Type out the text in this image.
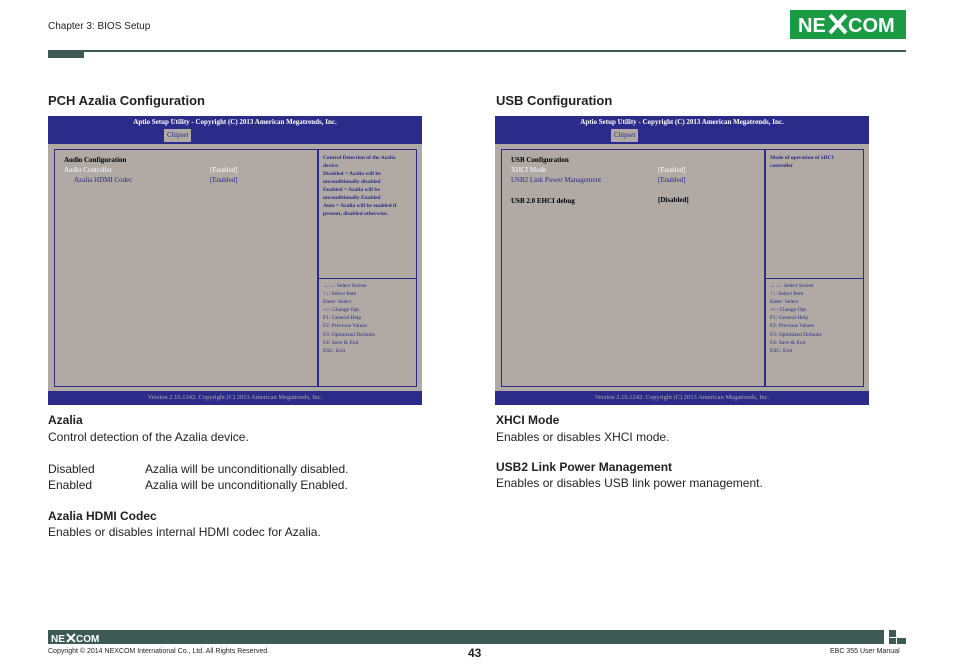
Chapter 3: BIOS Setup	NE COM
PCH Azalia Configuration
Aptio Setup Utility - Copyright (C) 2013 American Megatrends, Inc.
Chipset
Audio Configuration
Audio Controller	[Enabled]
Azalia HDMI Codec	[Enabled]
Control Detection of the Azalia
device.
Disabled = Azalia will be
unconditionally disabled
Enabled = Azalia will be
unconditionally Enabled
Auto = Azalia will be enabled if
present, disabled otherwise.
→←: Select Screen
↑↓: Select Item
Enter: Select
+/-: Change Opt.
F1: General Help
F2: Previous Values
F3: Optimized Defaults
F4: Save & Exit
ESC: Exit
Version 2.16.1242. Copyright (C) 2013 American Megatrends, Inc.
Azalia
Control detection of the Azalia device.
Disabled	Azalia will be unconditionally disabled.
Enabled	Azalia will be unconditionally Enabled.
Azalia HDMI Codec
Enables or disables internal HDMI codec for Azalia.
USB Configuration
Aptio Setup Utility - Copyright (C) 2013 American Megatrends, Inc.
Chipset
USB Configuration
XHCI Mode	[Enabled]
USB2 Link Power Management	[Enabled]
USB 2.0 EHCI debug	[Disabled]
Mode of operation of xHCI
controller
→←: Select Screen
↑↓: Select Item
Enter: Select
+/-: Change Opt.
F1: General Help
F2: Previous Values
F3: Optimized Defaults
F4: Save & Exit
ESC: Exit
Version 2.16.1242. Copyright (C) 2013 American Megatrends, Inc.
XHCI Mode
Enables or disables XHCI mode.
USB2 Link Power Management
Enables or disables USB link power management.
NE COM
Copyright © 2014 NEXCOM International Co., Ltd. All Rights Reserved.	43	EBC 355 User Manual
